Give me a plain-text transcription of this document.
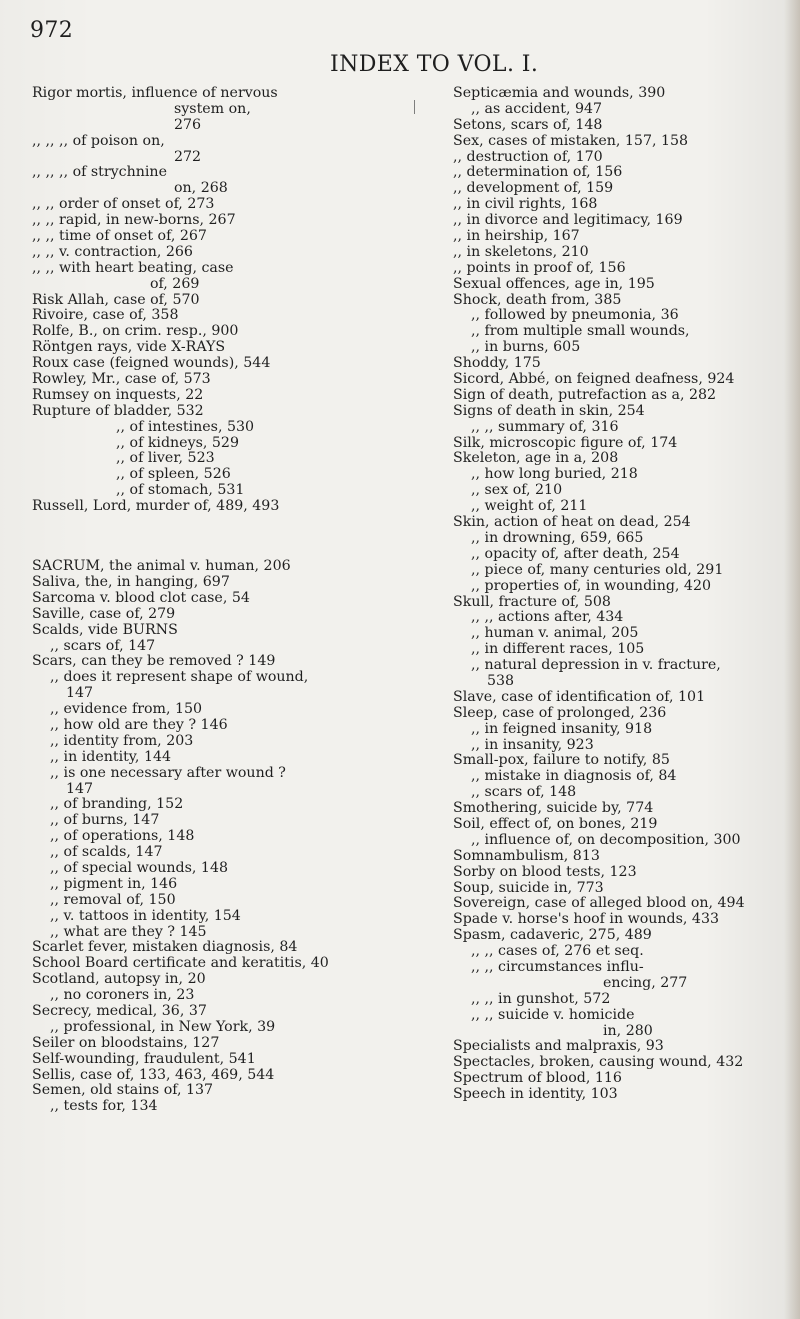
972
INDEX TO VOL. I.
Rigor mortis, influence of nervous
system on,
276
,, ,, ,, of poison on,
272
,, ,, ,, of strychnine
on, 268
,, ,, order of onset of, 273
,, ,, rapid, in new-borns, 267
,, ,, time of onset of, 267
,, ,, v. contraction, 266
,, ,, with heart beating, case
of, 269
Risk Allah, case of, 570
Rivoire, case of, 358
Rolfe, B., on crim. resp., 900
Röntgen rays, vide X-RAYS
Roux case (feigned wounds), 544
Rowley, Mr., case of, 573
Rumsey on inquests, 22
Rupture of bladder, 532
,, of intestines, 530
,, of kidneys, 529
,, of liver, 523
,, of spleen, 526
,, of stomach, 531
Russell, Lord, murder of, 489, 493
SACRUM, the animal v. human, 206
Saliva, the, in hanging, 697
Sarcoma v. blood clot case, 54
Saville, case of, 279
Scalds, vide BURNS
,, scars of, 147
Scars, can they be removed ? 149
,, does it represent shape of wound,
147
,, evidence from, 150
,, how old are they ? 146
,, identity from, 203
,, in identity, 144
,, is one necessary after wound ?
147
,, of branding, 152
,, of burns, 147
,, of operations, 148
,, of scalds, 147
,, of special wounds, 148
,, pigment in, 146
,, removal of, 150
,, v. tattoos in identity, 154
,, what are they ? 145
Scarlet fever, mistaken diagnosis, 84
School Board certificate and keratitis, 40
Scotland, autopsy in, 20
,, no coroners in, 23
Secrecy, medical, 36, 37
,, professional, in New York, 39
Seiler on bloodstains, 127
Self-wounding, fraudulent, 541
Sellis, case of, 133, 463, 469, 544
Semen, old stains of, 137
,, tests for, 134
Septicæmia and wounds, 390
,, as accident, 947
Setons, scars of, 148
Sex, cases of mistaken, 157, 158
,, destruction of, 170
,, determination of, 156
,, development of, 159
,, in civil rights, 168
,, in divorce and legitimacy, 169
,, in heirship, 167
,, in skeletons, 210
,, points in proof of, 156
Sexual offences, age in, 195
Shock, death from, 385
,, followed by pneumonia, 36
,, from multiple small wounds,
,, in burns, 605
Shoddy, 175
Sicord, Abbé, on feigned deafness, 924
Sign of death, putrefaction as a, 282
Signs of death in skin, 254
,, ,, summary of, 316
Silk, microscopic figure of, 174
Skeleton, age in a, 208
,, how long buried, 218
,, sex of, 210
,, weight of, 211
Skin, action of heat on dead, 254
,, in drowning, 659, 665
,, opacity of, after death, 254
,, piece of, many centuries old, 291
,, properties of, in wounding, 420
Skull, fracture of, 508
,, ,, actions after, 434
,, human v. animal, 205
,, in different races, 105
,, natural depression in v. fracture,
538
Slave, case of identification of, 101
Sleep, case of prolonged, 236
,, in feigned insanity, 918
,, in insanity, 923
Small-pox, failure to notify, 85
,, mistake in diagnosis of, 84
,, scars of, 148
Smothering, suicide by, 774
Soil, effect of, on bones, 219
,, influence of, on decomposition, 300
Somnambulism, 813
Sorby on blood tests, 123
Soup, suicide in, 773
Sovereign, case of alleged blood on, 494
Spade v. horse's hoof in wounds, 433
Spasm, cadaveric, 275, 489
,, ,, cases of, 276 et seq.
,, ,, circumstances influ-
encing, 277
,, ,, in gunshot, 572
,, ,, suicide v. homicide
in, 280
Specialists and malpraxis, 93
Spectacles, broken, causing wound, 432
Spectrum of blood, 116
Speech in identity, 103
